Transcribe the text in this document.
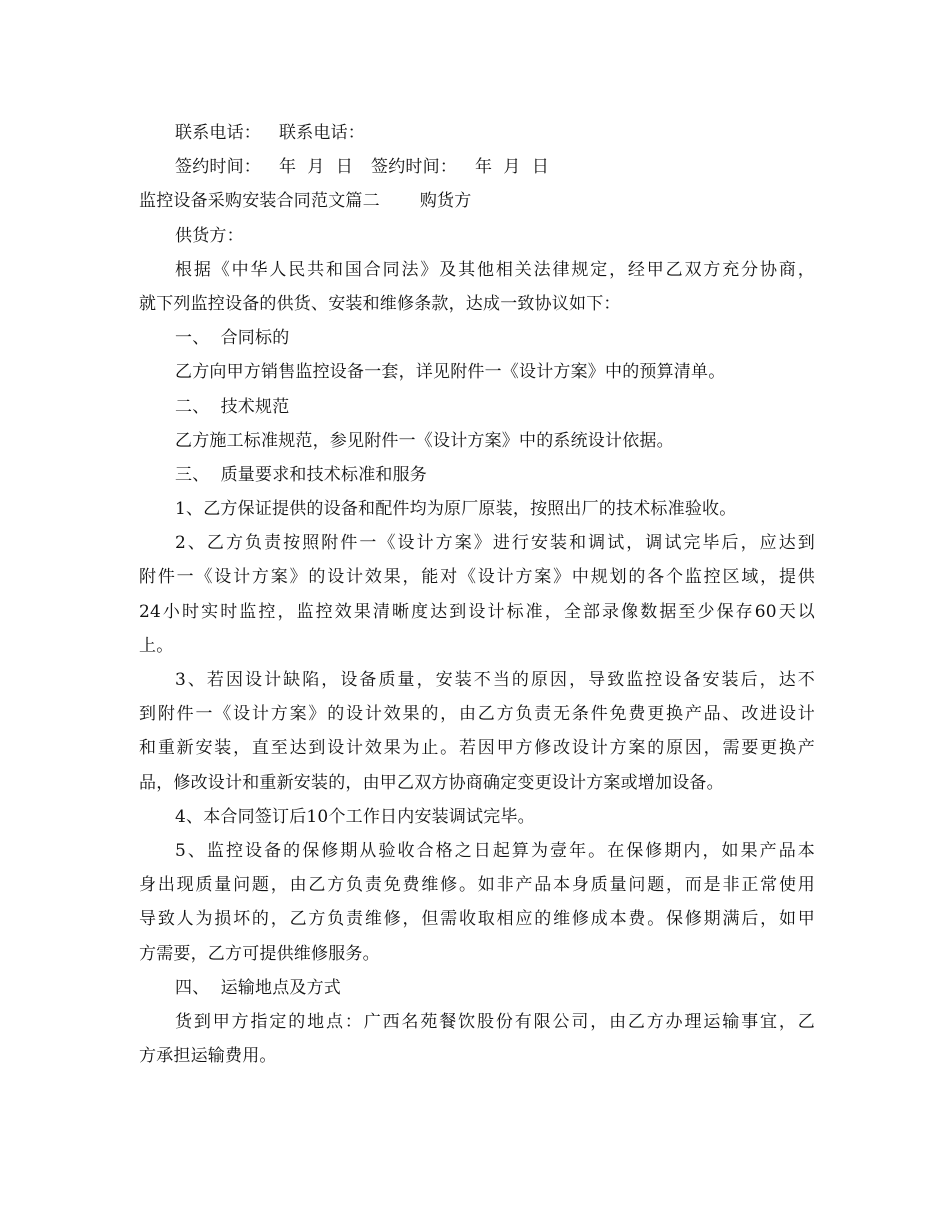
联系电话： 联系电话：
签约时间： 年  月  日 签约时间： 年  月  日
监控设备采购安装合同范文篇二 购货方
供货方：
根据《中华人民共和国合同法》及其他相关法律规定，经甲乙双方充分协商，
就下列监控设备的供货、安装和维修条款，达成一致协议如下：
一、  合同标的
乙方向甲方销售监控设备一套，详见附件一《设计方案》中的预算清单。
二、  技术规范
乙方施工标准规范，参见附件一《设计方案》中的系统设计依据。
三、  质量要求和技术标准和服务
1、乙方保证提供的设备和配件均为原厂原装，按照出厂的技术标准验收。
2、乙方负责按照附件一《设计方案》进行安装和调试，调试完毕后，应达到
附件一《设计方案》的设计效果，能对《设计方案》中规划的各个监控区域，提供
24小时实时监控，监控效果清晰度达到设计标准，全部录像数据至少保存60天以
上。
3、若因设计缺陷，设备质量，安装不当的原因，导致监控设备安装后，达不
到附件一《设计方案》的设计效果的，由乙方负责无条件免费更换产品、改进设计
和重新安装，直至达到设计效果为止。若因甲方修改设计方案的原因，需要更换产
品，修改设计和重新安装的，由甲乙双方协商确定变更设计方案或增加设备。
4、本合同签订后10个工作日内安装调试完毕。
5、监控设备的保修期从验收合格之日起算为壹年。在保修期内，如果产品本
身出现质量问题，由乙方负责免费维修。如非产品本身质量问题，而是非正常使用
导致人为损坏的，乙方负责维修，但需收取相应的维修成本费。保修期满后，如甲
方需要，乙方可提供维修服务。
四、  运输地点及方式
货到甲方指定的地点：广西名苑餐饮股份有限公司，由乙方办理运输事宜，乙
方承担运输费用。
